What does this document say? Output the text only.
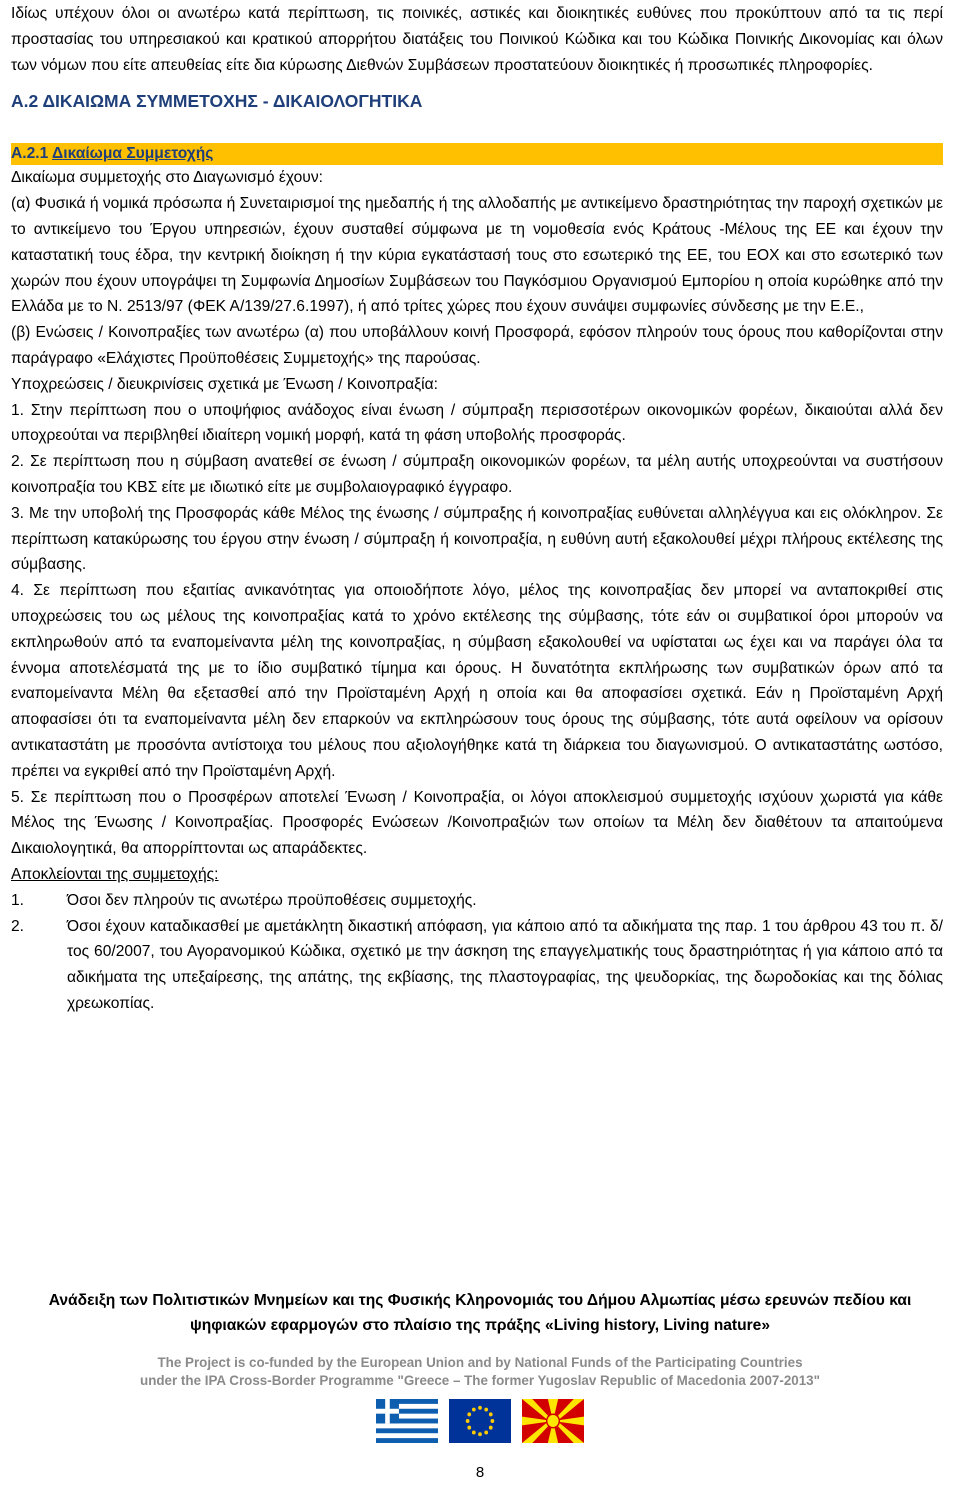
Ιδίως υπέχουν όλοι οι ανωτέρω κατά περίπτωση, τις ποινικές, αστικές και διοικητικές ευθύνες που προκύπτουν από τα τις περί προστασίας του υπηρεσιακού και κρατικού απορρήτου διατάξεις του Ποινικού Κώδικα και του Κώδικα Ποινικής Δικονομίας και όλων των νόμων που είτε απευθείας είτε δια κύρωσης Διεθνών Συμβάσεων προστατεύουν διοικητικές ή προσωπικές πληροφορίες.

Α.2 ΔΙΚΑΙΩΜΑ ΣΥΜΜΕΤΟΧΗΣ - ΔΙΚΑΙΟΛΟΓΗΤΙΚΑ
Α.2.1 Δικαίωμα Συμμετοχής

Δικαίωμα συμμετοχής στο Διαγωνισμό έχουν:

(α) Φυσικά ή νομικά πρόσωπα ή Συνεταιρισμοί της ημεδαπής ή της αλλοδαπής με αντικείμενο δραστηριότητας την παροχή σχετικών με το αντικείμενο του Έργου υπηρεσιών, έχουν συσταθεί σύμφωνα με τη νομοθεσία ενός Κράτους -Μέλους της ΕΕ και έχουν την καταστατική τους έδρα, την κεντρική διοίκηση ή την κύρια εγκατάστασή τους στο εσωτερικό της ΕΕ, του ΕΟΧ και στο εσωτερικό των χωρών που έχουν υπογράψει τη Συμφωνία Δημοσίων Συμβάσεων του Παγκόσμιου Οργανισμού Εμπορίου η οποία κυρώθηκε από την Ελλάδα με το Ν. 2513/97 (ΦΕΚ Α/139/27.6.1997), ή από τρίτες χώρες που έχουν συνάψει συμφωνίες σύνδεσης με την Ε.Ε.,

(β) Ενώσεις / Κοινοπραξίες των ανωτέρω (α) που υποβάλλουν κοινή Προσφορά, εφόσον πληρούν τους όρους που καθορίζονται στην παράγραφο «Ελάχιστες Προϋποθέσεις Συμμετοχής» της παρούσας.

Υποχρεώσεις / διευκρινίσεις σχετικά με Ένωση / Κοινοπραξία:

1. Στην περίπτωση που ο υποψήφιος ανάδοχος είναι ένωση / σύμπραξη περισσοτέρων οικονομικών φορέων, δικαιούται αλλά δεν υποχρεούται να περιβληθεί ιδιαίτερη νομική μορφή, κατά τη φάση υποβολής προσφοράς.

2. Σε περίπτωση που η σύμβαση ανατεθεί σε ένωση / σύμπραξη οικονομικών φορέων, τα μέλη αυτής υποχρεούνται να συστήσουν κοινοπραξία του ΚΒΣ είτε με ιδιωτικό είτε με συμβολαιογραφικό έγγραφο.

3. Με την υποβολή της Προσφοράς κάθε Μέλος της ένωσης / σύμπραξης ή κοινοπραξίας ευθύνεται αλληλέγγυα και εις ολόκληρον. Σε περίπτωση κατακύρωσης του έργου στην ένωση / σύμπραξη ή κοινοπραξία, η ευθύνη αυτή εξακολουθεί μέχρι πλήρους εκτέλεσης της σύμβασης.

4. Σε περίπτωση που εξαιτίας ανικανότητας για οποιοδήποτε λόγο, μέλος της κοινοπραξίας δεν μπορεί να ανταποκριθεί στις υποχρεώσεις του ως μέλους της κοινοπραξίας κατά το χρόνο εκτέλεσης της σύμβασης, τότε εάν οι συμβατικοί όροι μπορούν να εκπληρωθούν από τα εναπομείναντα μέλη της κοινοπραξίας, η σύμβαση εξακολουθεί να υφίσταται ως έχει και να παράγει όλα τα έννομα αποτελέσματά της με το ίδιο συμβατικό τίμημα και όρους. Η δυνατότητα εκπλήρωσης των συμβατικών όρων από τα εναπομείναντα Μέλη θα εξετασθεί από την Προϊσταμένη Αρχή η οποία και θα αποφασίσει σχετικά. Εάν η Προϊσταμένη Αρχή αποφασίσει ότι τα εναπομείναντα μέλη δεν επαρκούν να εκπληρώσουν τους όρους της σύμβασης, τότε αυτά οφείλουν να ορίσουν αντικαταστάτη με προσόντα αντίστοιχα του μέλους που αξιολογήθηκε κατά τη διάρκεια του διαγωνισμού. Ο αντικαταστάτης ωστόσο, πρέπει να εγκριθεί από την Προϊσταμένη Αρχή.

5. Σε περίπτωση που ο Προσφέρων αποτελεί Ένωση / Κοινοπραξία, οι λόγοι αποκλεισμού συμμετοχής ισχύουν χωριστά για κάθε Μέλος της Ένωσης / Κοινοπραξίας. Προσφορές Ενώσεων /Κοινοπραξιών των οποίων τα Μέλη δεν διαθέτουν τα απαιτούμενα Δικαιολογητικά, θα απορρίπτονται ως απαράδεκτες.

Αποκλείονται της συμμετοχής:

1.	Όσοι δεν πληρούν τις ανωτέρω προϋποθέσεις συμμετοχής.
2.	Όσοι έχουν καταδικασθεί με αμετάκλητη δικαστική απόφαση, για κάποιο από τα αδικήματα της παρ. 1 του άρθρου 43 του π. δ/τος 60/2007, του Αγορανομικού Κώδικα, σχετικό με την άσκηση της επαγγελματικής τους δραστηριότητας ή για κάποιο από τα αδικήματα της υπεξαίρεσης, της απάτης, της εκβίασης, της πλαστογραφίας, της ψευδορκίας, της δωροδοκίας και της δόλιας χρεωκοπίας.
Ανάδειξη των Πολιτιστικών Μνημείων και της Φυσικής Κληρονομιάς του Δήμου Αλμωπίας μέσω ερευνών πεδίου και ψηφιακών εφαρμογών στο πλαίσιο της πράξης «Living history, Living nature»
The Project is co-funded by the European Union and by National Funds of the Participating Countries
under the IPA Cross-Border Programme "Greece – The former Yugoslav Republic of Macedonia 2007-2013"
8
